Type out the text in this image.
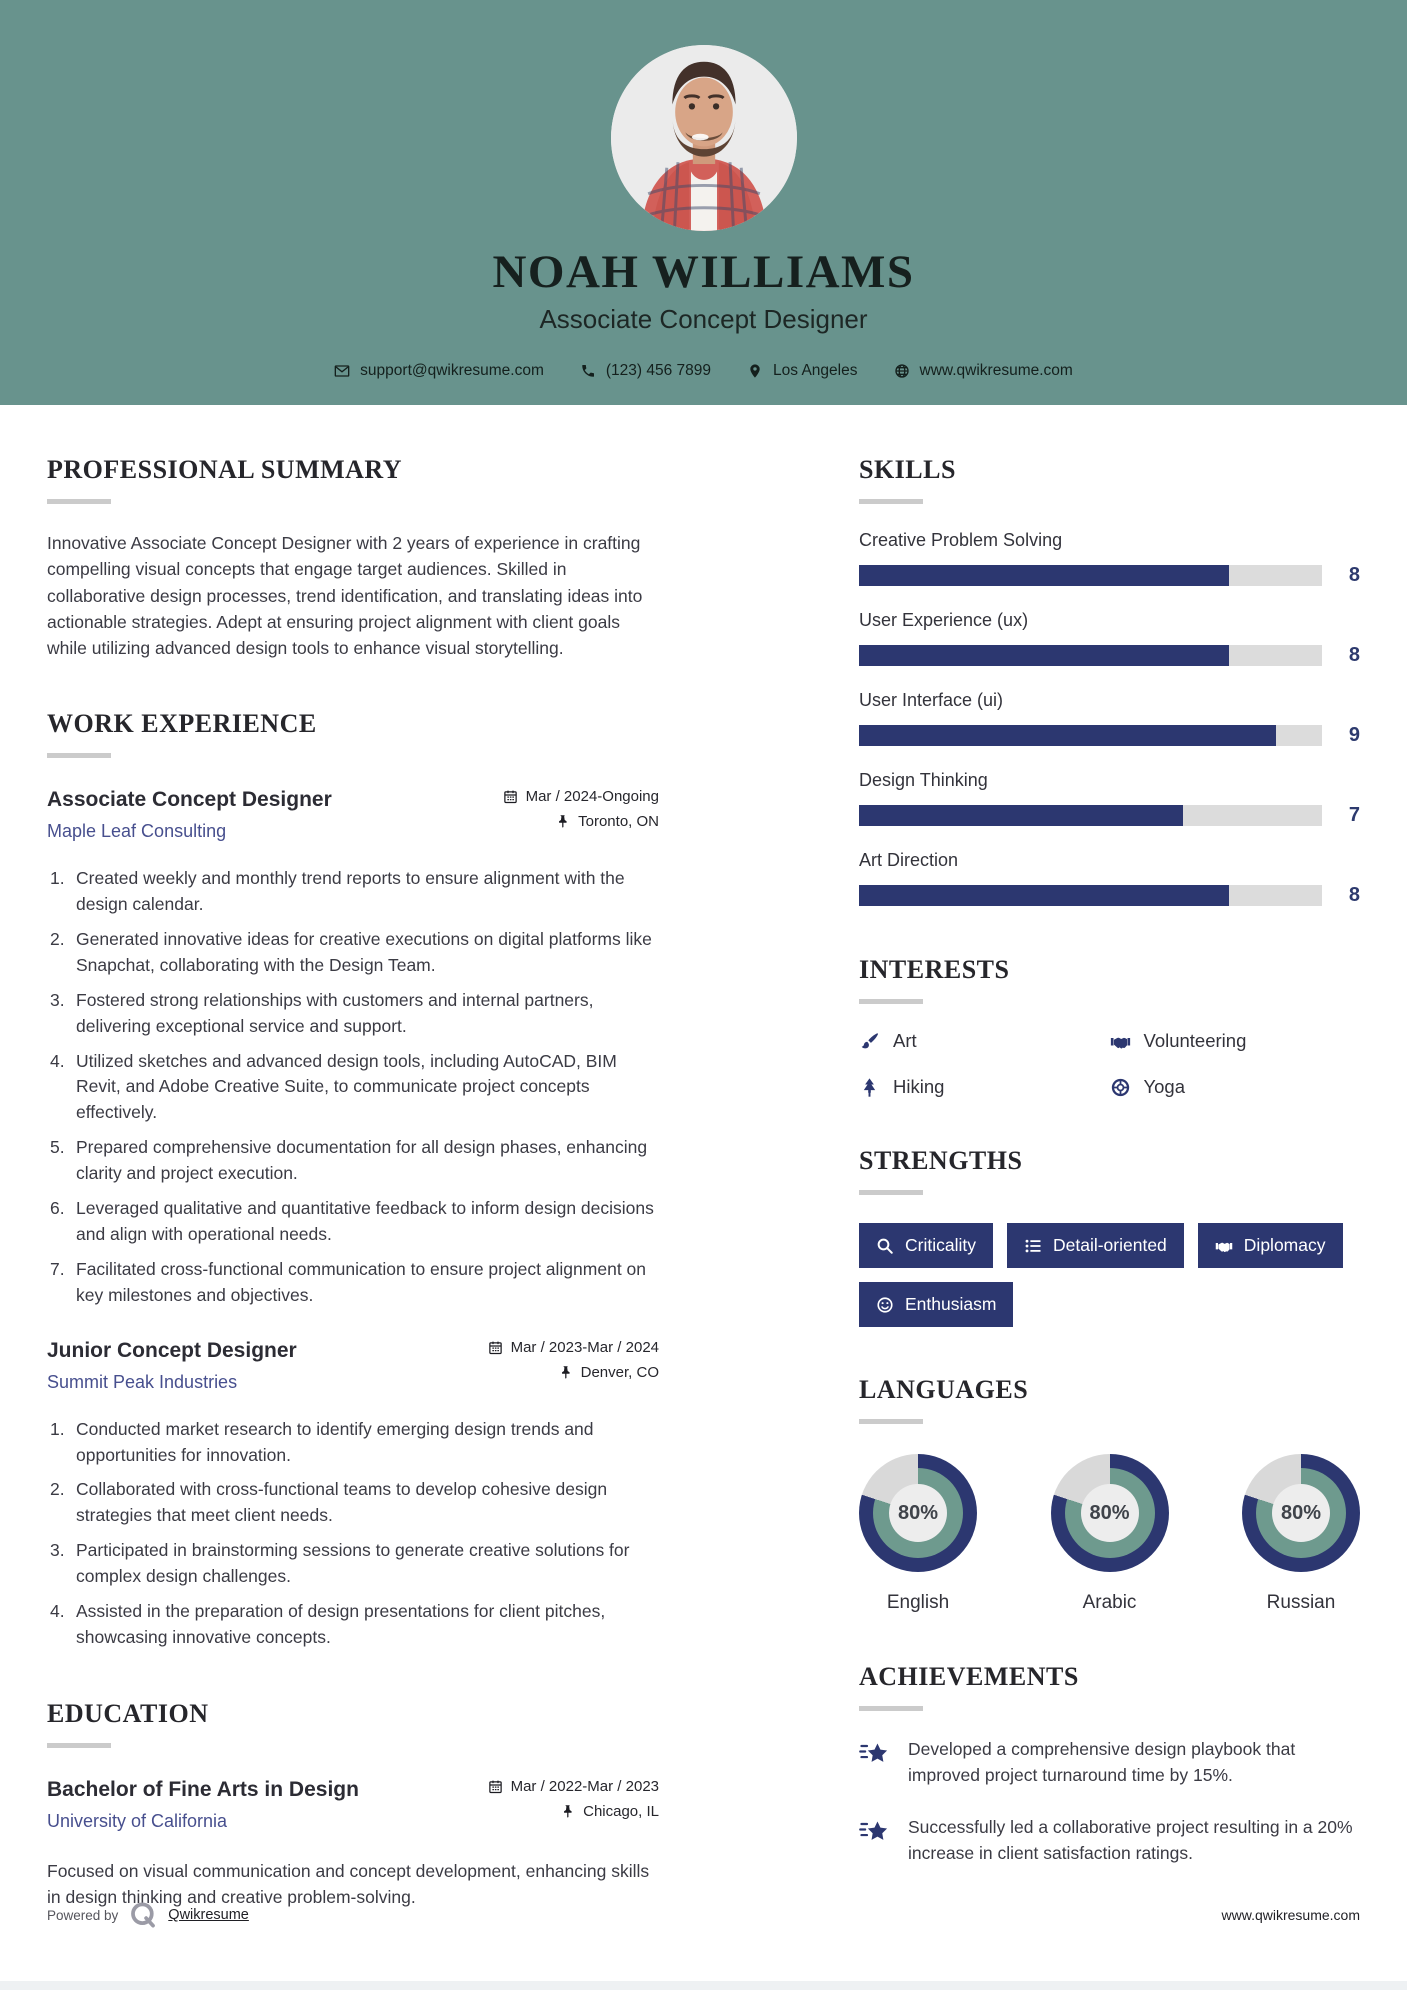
NOAH WILLIAMS
Associate Concept Designer
support@qwikresume.com	(123) 456 7899	Los Angeles	www.qwikresume.com
PROFESSIONAL SUMMARY

Innovative Associate Concept Designer with 2 years of experience in crafting compelling visual concepts that engage target audiences. Skilled in collaborative design processes, trend identification, and translating ideas into actionable strategies. Adept at ensuring project alignment with client goals while utilizing advanced design tools to enhance visual storytelling.

WORK EXPERIENCE
Associate Concept Designer
Maple Leaf Consulting
Mar / 2024-Ongoing
Toronto, ON
Created weekly and monthly trend reports to ensure alignment with the design calendar.
Generated innovative ideas for creative executions on digital platforms like Snapchat, collaborating with the Design Team.
Fostered strong relationships with customers and internal partners, delivering exceptional service and support.
Utilized sketches and advanced design tools, including AutoCAD, BIM Revit, and Adobe Creative Suite, to communicate project concepts effectively.
Prepared comprehensive documentation for all design phases, enhancing clarity and project execution.
Leveraged qualitative and quantitative feedback to inform design decisions and align with operational needs.
Facilitated cross-functional communication to ensure project alignment on key milestones and objectives.
Junior Concept Designer
Summit Peak Industries
Mar / 2023-Mar / 2024
Denver, CO
Conducted market research to identify emerging design trends and opportunities for innovation.
Collaborated with cross-functional teams to develop cohesive design strategies that meet client needs.
Participated in brainstorming sessions to generate creative solutions for complex design challenges.
Assisted in the preparation of design presentations for client pitches, showcasing innovative concepts.
EDUCATION
Bachelor of Fine Arts in Design
University of California
Mar / 2022-Mar / 2023
Chicago, IL

Focused on visual communication and concept development, enhancing skills in design thinking and creative problem-solving.

SKILLS
Creative Problem Solving
8
User Experience (ux)
8
User Interface (ui)
9
Design Thinking
7
Art Direction
8
INTERESTS
Art	Volunteering
Hiking	Yoga
STRENGTHS
Criticality	Detail-oriented	Diplomacy
Enthusiasm
LANGUAGES
80%
English
80%
Arabic
80%
Russian
ACHIEVEMENTS
Developed a comprehensive design playbook that improved project turnaround time by 15%.
Successfully led a collaborative project resulting in a 20% increase in client satisfaction ratings.
Powered by	Qwikresume	www.qwikresume.com
